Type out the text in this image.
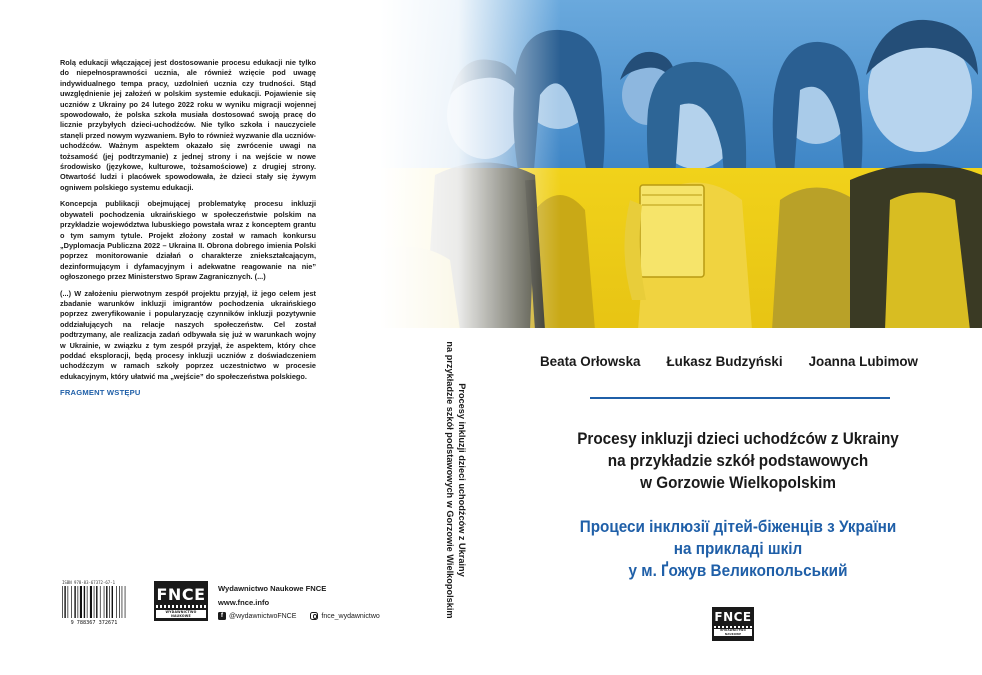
Rolą edukacji włączającej jest dostosowanie procesu edukacji nie tylko do niepełnosprawności ucznia, ale również wzięcie pod uwagę indywidualnego tempa pracy, uzdolnień ucznia czy trudności. Stąd uwzględnienie jej założeń w polskim systemie edukacji. Pojawienie się uczniów z Ukrainy po 24 lutego 2022 roku w wyniku migracji wojennej spowodowało, że polska szkoła musiała dostosować swoją pracę do licznie przybyłych dzieci-uchodźców. Nie tylko szkoła i nauczyciele stanęli przed nowym wyzwaniem. Było to również wyzwanie dla uczniów-uchodźców. Ważnym aspektem okazało się zwrócenie uwagi na tożsamość (jej podtrzymanie) z jednej strony i na wejście w nowe środowisko (językowe, kulturowe, tożsamościowe) z drugiej strony. Otwartość ludzi i placówek spowodowała, że dzieci stały się żywym ogniwem polskiego systemu edukacji.

Koncepcja publikacji obejmującej problematykę procesu inkluzji obywateli pochodzenia ukraińskiego w społeczeństwie polskim na przykładzie województwa lubuskiego powstała wraz z konceptem grantu o tym samym tytule. Projekt złożony został w ramach konkursu „Dyplomacja Publiczna 2022 – Ukraina II. Obrona dobrego imienia Polski poprzez monitorowanie działań o charakterze zniekształcającym, dezinformującym i dyfamacyjnym i adekwatne reagowanie na nie” ogłoszonego przez Ministerstwo Spraw Zagranicznych. (...)

(...) W założeniu pierwotnym zespół projektu przyjął, iż jego celem jest zbadanie warunków inkluzji imigrantów pochodzenia ukraińskiego poprzez zweryfikowanie i popularyzację czynników inkluzji pozytywnie oddziałujących na relacje naszych społeczeństw. Cel został podtrzymany, ale realizacja zadań odbywała się już w warunkach wojny w Ukrainie, w związku z tym zespół przyjął, że aspektem, który chce poddać eksploracji, będą procesy inkluzji uczniów z doświadczeniem uchodźczym w ramach szkoły poprzez uczestnictwo w procesie edukacyjnym, który ułatwić ma „wejście” do społeczeństwa polskiego.

FRAGMENT WSTĘPU
ISBN 978-83-67372-67-1
9 788367 372671
FNCE
WYDAWNICTWO NAUKOWE
Wydawnictwo Naukowe FNCE
www.fnce.info
f @wydawnictwoFNCE	fnce_wydawnictwo
Procesy inkluzji dzieci uchodźców z Ukrainy
na przykładzie szkół podstawowych w Gorzowie Wielkopolskim	Beata Orłowska Łukasz Budzyński Joanna Lubimow
Procesy inkluzji dzieci uchodźców z Ukrainy
na przykładzie szkół podstawowych
w Gorzowie Wielkopolskim
Процеси інклюзії дітей-біженців з України
на прикладі шкіл
у м. Ґожув Великопольський
FNCE
WYDAWNICTWO NAUKOWE
